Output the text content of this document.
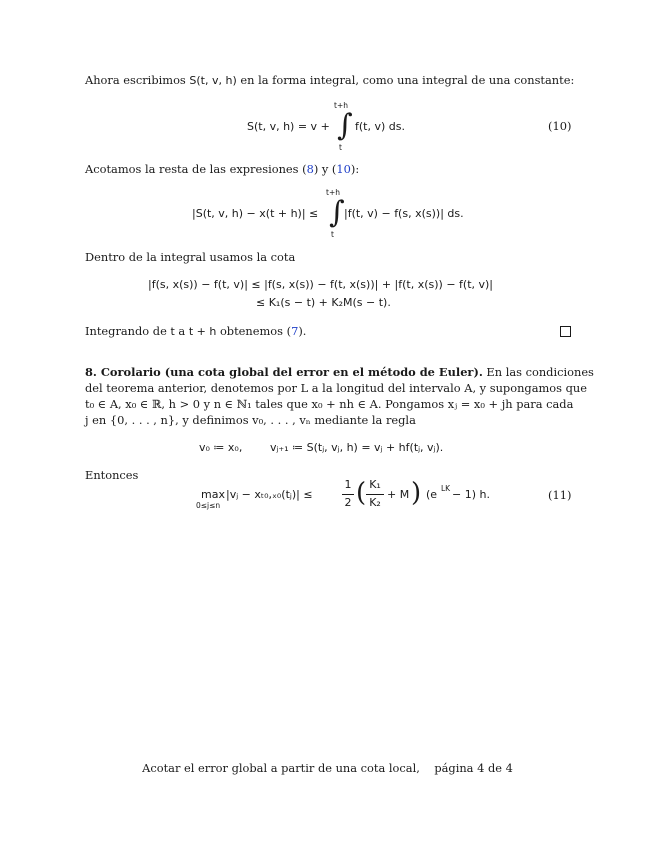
Ahora escribimos S(t, v, h) en la forma integral, como una integral de una constante:
S(t, v, h) = v +
t+h
∫
t
f(t, v) ds.	(10)
Acotamos la resta de las expresiones (8) y (10):
|S(t, v, h) − x(t + h)| ≤
t+h
∫
t
|f(t, v) − f(s, x(s))| ds.
Dentro de la integral usamos la cota
|f(s, x(s)) − f(t, v)| ≤ |f(s, x(s)) − f(t, x(s))| + |f(t, x(s)) − f(t, v)|
≤ K₁(s − t) + K₂M(s − t).
Integrando de t a t + h obtenemos (7).
8. Corolario (una cota global del error en el método de Euler). En las condiciones
del teorema anterior, denotemos por L a la longitud del intervalo A, y supongamos que
t₀ ∈ A, x₀ ∈ ℝ, h > 0 y n ∈ ℕ₁ tales que x₀ + nh ∈ A. Pongamos xⱼ = x₀ + jh para cada
j en {0, . . . , n}, y definimos v₀, . . . , vₙ mediante la regla
v₀ ≔ x₀,	vⱼ₊₁ ≔ S(tⱼ, vⱼ, h) = vⱼ + hf(tⱼ, vⱼ).
Entonces
max
0≤j≤n
|vⱼ − xₜ₀,ₓ₀(tⱼ)| ≤
1
2 ( K₁
K₂
+ M ) (e LK − 1) h.	(11)
Acotar el error global a partir de una cota local,    página 4 de 4
